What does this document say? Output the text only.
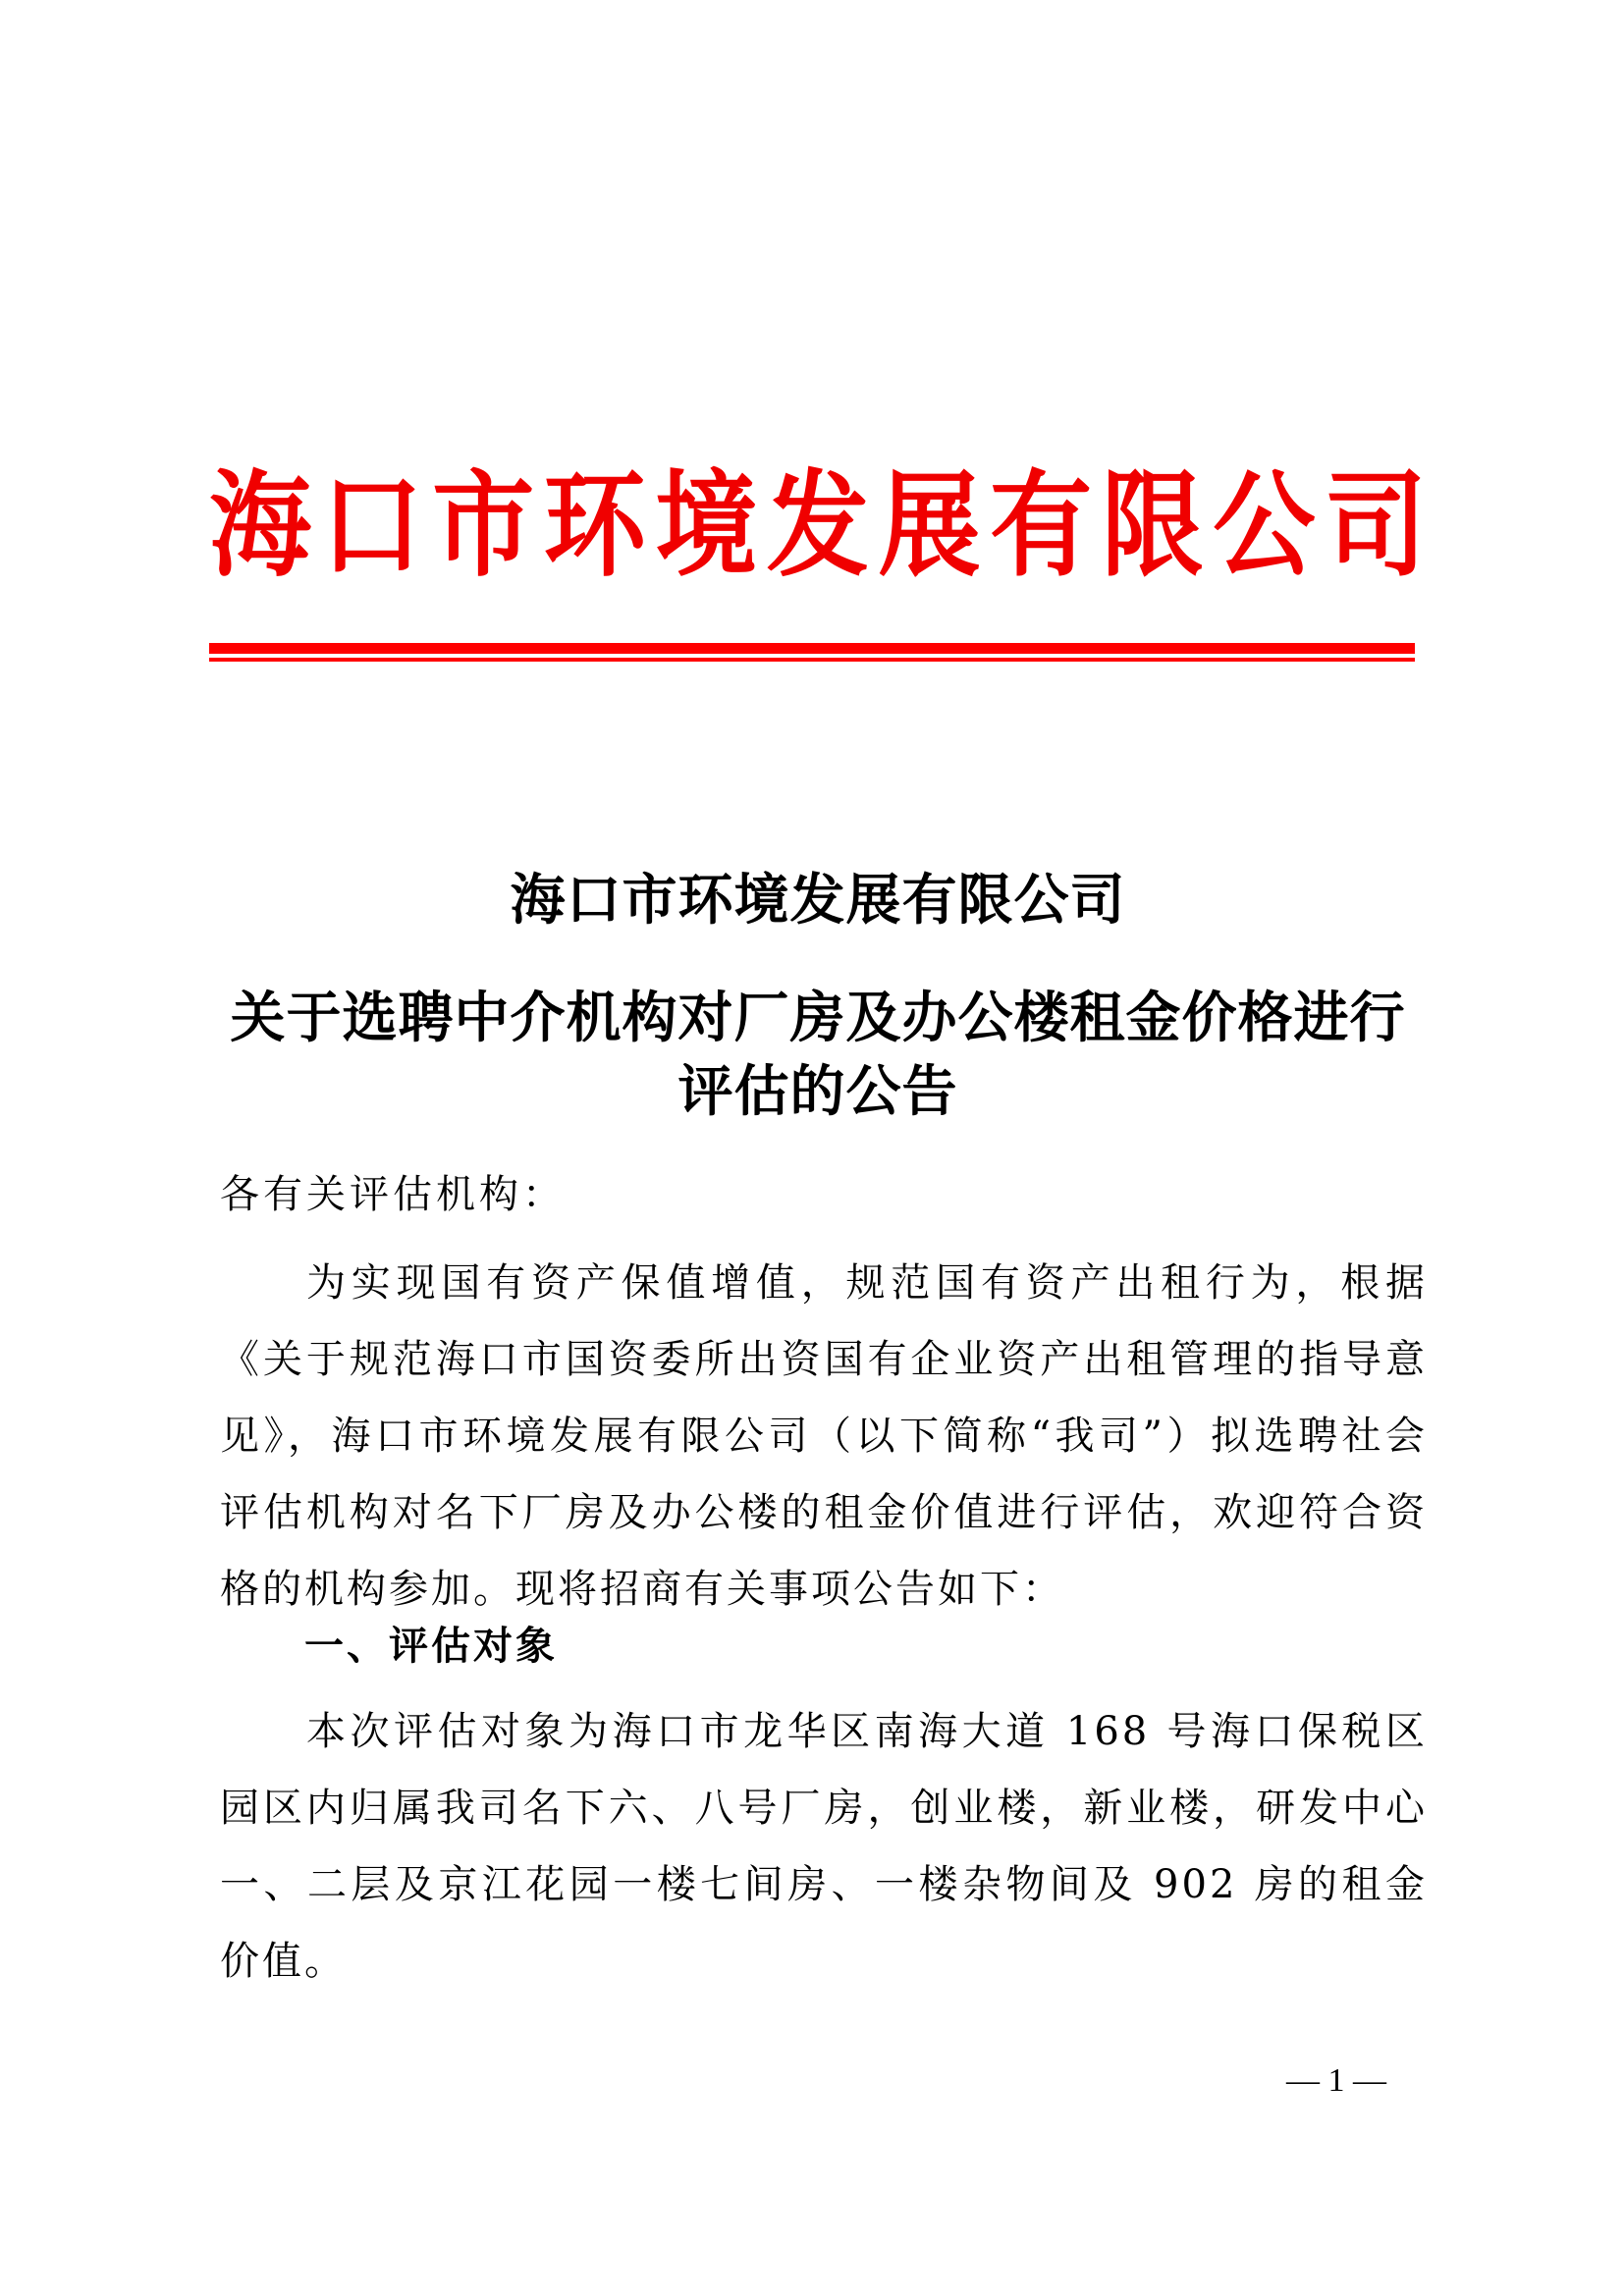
海 口 市 环 境 发 展 有 限 公 司
海口市环境发展有限公司
关于选聘中介机构对厂房及办公楼租金价格进行评估的公告
各有关评估机构：
为实现国有资产保值增值，规范国有资产出租行为，根据《关于规范海口市国资委所出资国有企业资产出租管理的指导意见》，海口市环境发展有限公司（以下简称“我司”）拟选聘社会评估机构对名下厂房及办公楼的租金价值进行评估，欢迎符合资格的机构参加。现将招商有关事项公告如下：
一、评估对象
本次评估对象为海口市龙华区南海大道 168 号海口保税区园区内归属我司名下六、八号厂房，创业楼，新业楼，研发中心一、二层及京江花园一楼七间房、一楼杂物间及 902 房的租金价值。
— 1 —
